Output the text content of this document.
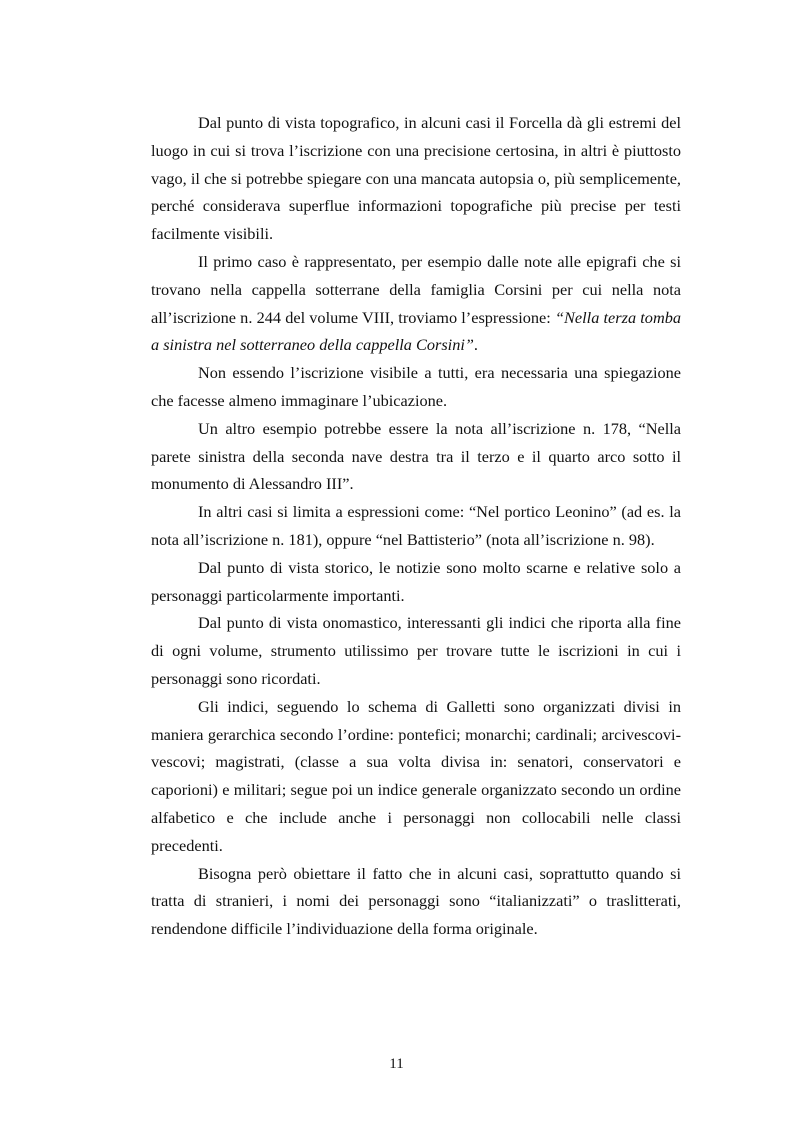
Dal punto di vista topografico, in alcuni casi il Forcella dà gli estremi del luogo in cui si trova l’iscrizione con una precisione certosina, in altri è piuttosto vago, il che si potrebbe spiegare con una mancata autopsia o, più semplicemente, perché considerava superflue informazioni topografiche più precise per testi facilmente visibili.

Il primo caso è rappresentato, per esempio dalle note alle epigrafi che si trovano nella cappella sotterrane della famiglia Corsini per cui nella nota all’iscrizione n. 244 del volume VIII, troviamo l’espressione: “Nella terza tomba a sinistra nel sotterraneo della cappella Corsini”.

Non essendo l’iscrizione visibile a tutti, era necessaria una spiegazione che facesse almeno immaginare l’ubicazione.

Un altro esempio potrebbe essere la nota all’iscrizione n. 178, “Nella parete sinistra della seconda nave destra tra il terzo e il quarto arco sotto il monumento di Alessandro III”.

In altri casi si limita a espressioni come: “Nel portico Leonino” (ad es. la nota all’iscrizione n. 181), oppure “nel Battisterio” (nota all’iscrizione n. 98).

Dal punto di vista storico, le notizie sono molto scarne e relative solo a personaggi particolarmente importanti.

Dal punto di vista onomastico, interessanti gli indici che riporta alla fine di ogni volume, strumento utilissimo per trovare tutte le iscrizioni in cui i personaggi sono ricordati.

Gli indici, seguendo lo schema di Galletti sono organizzati divisi in maniera gerarchica secondo l’ordine: pontefici; monarchi; cardinali; arcivescovi-vescovi; magistrati, (classe a sua volta divisa in: senatori, conservatori e caporioni) e militari; segue poi un indice generale organizzato secondo un ordine alfabetico e che include anche i personaggi non collocabili nelle classi precedenti.

Bisogna però obiettare il fatto che in alcuni casi, soprattutto quando si tratta di stranieri, i nomi dei personaggi sono “italianizzati” o traslitterati, rendendone difficile l’individuazione della forma originale.

11
